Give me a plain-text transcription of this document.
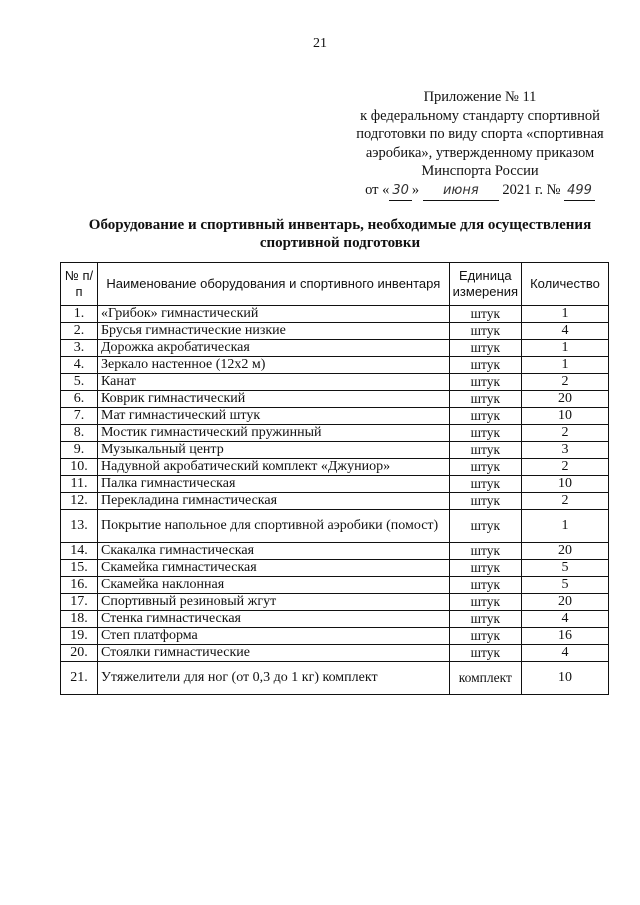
21
Приложение № 11
к федеральному стандарту спортивной
подготовки по виду спорта «спортивная
аэробика», утвержденному приказом
Минспорта России
от « 30 » июня 2021 г. № 499
Оборудование и спортивный инвентарь, необходимые для осуществления спортивной подготовки
№ п/п	Наименование оборудования и спортивного инвентаря	Единица измерения	Количество
1.	«Грибок» гимнастический	штук	1
2.	Брусья гимнастические низкие	штук	4
3.	Дорожка акробатическая	штук	1
4.	Зеркало настенное (12х2 м)	штук	1
5.	Канат	штук	2
6.	Коврик гимнастический	штук	20
7.	Мат гимнастический штук	штук	10
8.	Мостик гимнастический пружинный	штук	2
9.	Музыкальный центр	штук	3
10.	Надувной акробатический комплект «Джуниор»	штук	2
11.	Палка гимнастическая	штук	10
12.	Перекладина гимнастическая	штук	2
13.	Покрытие напольное для спортивной аэробики (помост)	штук	1
14.	Скакалка гимнастическая	штук	20
15.	Скамейка гимнастическая	штук	5
16.	Скамейка наклонная	штук	5
17.	Спортивный резиновый жгут	штук	20
18.	Стенка гимнастическая	штук	4
19.	Степ платформа	штук	16
20.	Стоялки гимнастические	штук	4
21.	Утяжелители для ног (от 0,3 до 1 кг) комплект	комплект	10
